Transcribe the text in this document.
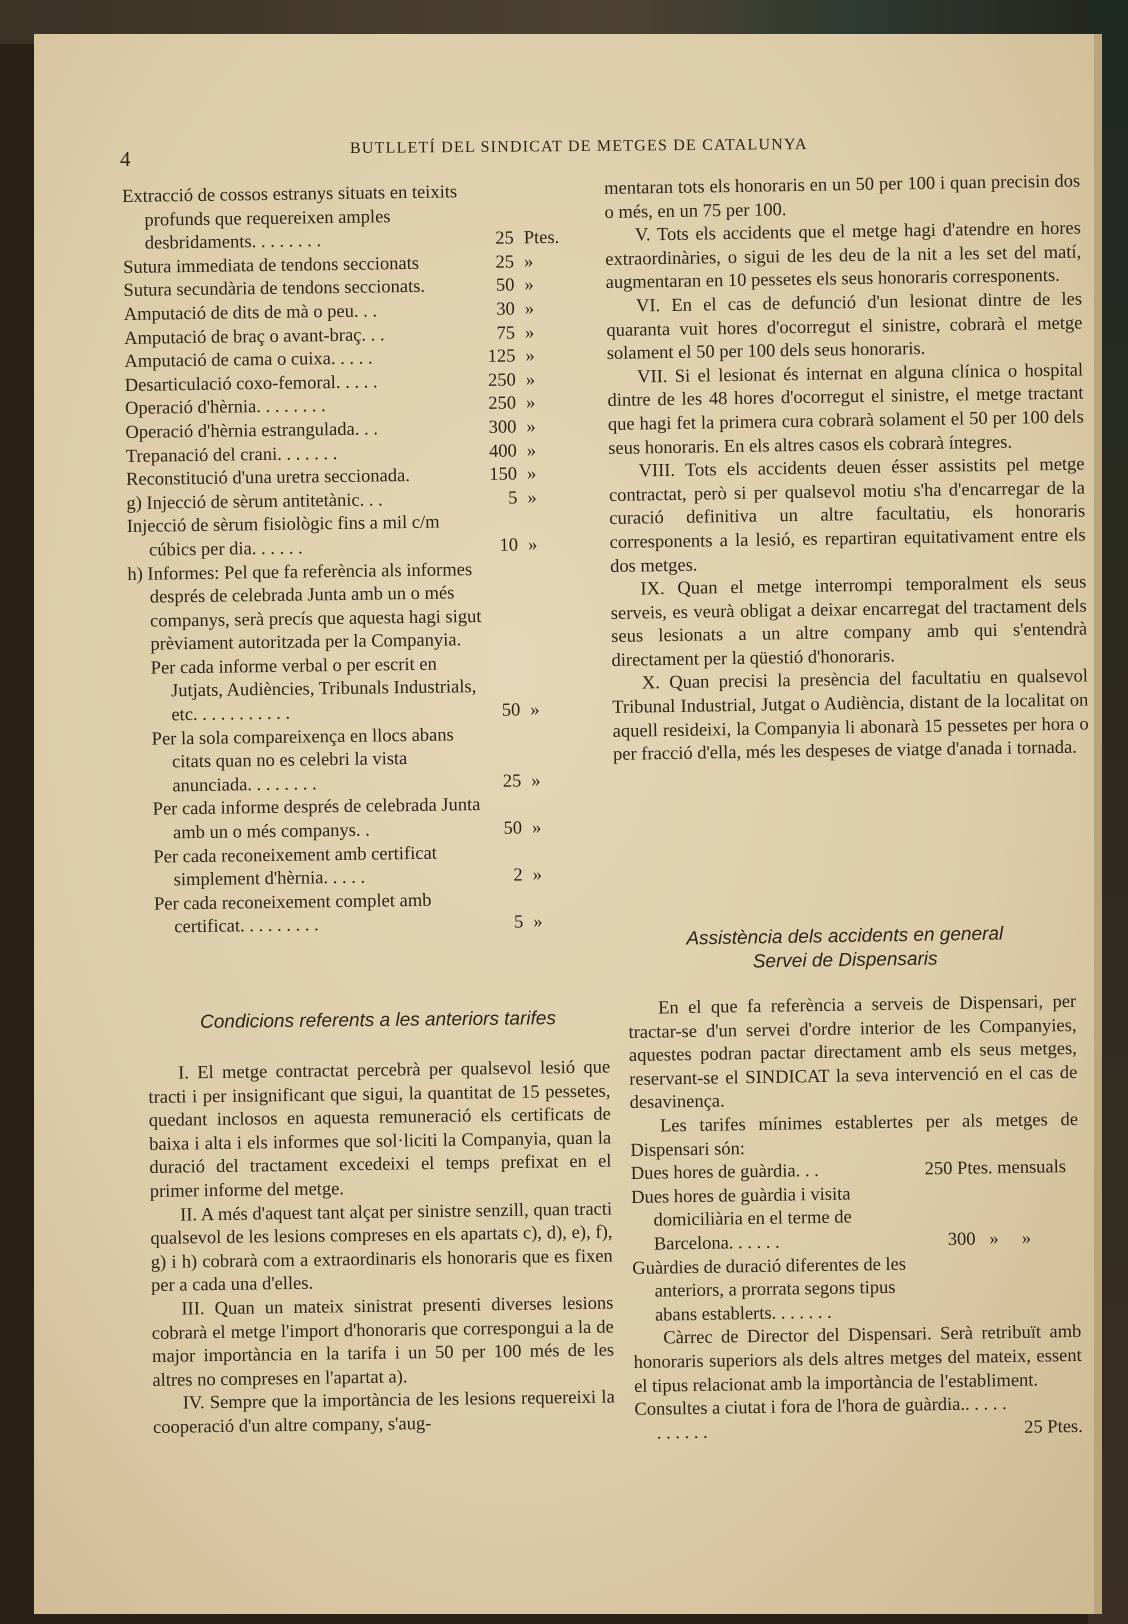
4
BUTLLETÍ DEL SINDICAT DE METGES DE CATALUNYA
Extracció de cossos estranys situats en teixits profunds que requereixen amples desbridaments. . . . . . . .	25 Ptes.
Sutura immediata de tendons seccionats	25 »
Sutura secundària de tendons seccionats.	50 »
Amputació de dits de mà o peu. . .	30 »
Amputació de braç o avant-braç. . .	75 »
Amputació de cama o cuixa. . . . .	125 »
Desarticulació coxo-femoral. . . . .	250 »
Operació d'hèrnia. . . . . . . .	250 »
Operació d'hèrnia estrangulada. . .	300 »
Trepanació del crani. . . . . . .	400 »
Reconstitució d'una uretra seccionada.	150 »
g) Injecció de sèrum antitetànic. . .	5 »
Injecció de sèrum fisiològic fins a mil c/m cúbics per dia. . . . . .	10 »
h) Informes: Pel que fa referència als informes després de celebrada Junta amb un o més companys, serà precís que aquesta hagi sigut prèviament autoritzada per la Companyia.
Per cada informe verbal o per escrit en Jutjats, Audiències, Tribunals Industrials, etc. . . . . . . . . . .	50 »
Per la sola compareixença en llocs abans citats quan no es celebri la vista anunciada. . . . . . . .	25 »
Per cada informe després de celebrada Junta amb un o més companys. .	50 »
Per cada reconeixement amb certificat simplement d'hèrnia. . . . .	2 »
Per cada reconeixement complet amb certificat. . . . . . . . .	5 »
Condicions referents a les anteriors tarifes

I. El metge contractat percebrà per qualsevol lesió que tracti i per insignificant que sigui, la quantitat de 15 pessetes, quedant inclosos en aquesta remuneració els certificats de baixa i alta i els informes que sol·liciti la Companyia, quan la duració del tractament excedeixi el temps prefixat en el primer informe del metge.

II. A més d'aquest tant alçat per sinistre senzill, quan tracti qualsevol de les lesions compreses en els apartats c), d), e), f), g) i h) cobrarà com a extraordinaris els honoraris que es fixen per a cada una d'elles.

III. Quan un mateix sinistrat presenti diverses lesions cobrarà el metge l'import d'honoraris que correspongui a la de major importància en la tarifa i un 50 per 100 més de les altres no compreses en l'apartat a).

IV. Sempre que la importància de les lesions requereixi la cooperació d'un altre company, s'aug-

mentaran tots els honoraris en un 50 per 100 i quan precisin dos o més, en un 75 per 100.

V. Tots els accidents que el metge hagi d'atendre en hores extraordinàries, o sigui de les deu de la nit a les set del matí, augmentaran en 10 pessetes els seus honoraris corresponents.

VI. En el cas de defunció d'un lesionat dintre de les quaranta vuit hores d'ocorregut el sinistre, cobrarà el metge solament el 50 per 100 dels seus honoraris.

VII. Si el lesionat és internat en alguna clínica o hospital dintre de les 48 hores d'ocorregut el sinistre, el metge tractant que hagi fet la primera cura cobrarà solament el 50 per 100 dels seus honoraris. En els altres casos els cobrarà íntegres.

VIII. Tots els accidents deuen ésser assistits pel metge contractat, però si per qualsevol motiu s'ha d'encarregar de la curació definitiva un altre facultatiu, els honoraris corresponents a la lesió, es repartiran equitativament entre els dos metges.

IX. Quan el metge interrompi temporalment els seus serveis, es veurà obligat a deixar encarregat del tractament dels seus lesionats a un altre company amb qui s'entendrà directament per la qüestió d'honoraris.

X. Quan precisi la presència del facultatiu en qualsevol Tribunal Industrial, Jutgat o Audiència, distant de la localitat on aquell resideixi, la Companyia li abonarà 15 pessetes per hora o per fracció d'ella, més les despeses de viatge d'anada i tornada.

Assistència dels accidents en general
Servei de Dispensaris

En el que fa referència a serveis de Dispensari, per tractar-se d'un servei d'ordre interior de les Companyies, aquestes podran pactar directament amb els seus metges, reservant-se el SINDICAT la seva intervenció en el cas de desavinença.

Les tarifes mínimes establertes per als metges de Dispensari són:

Dues hores de guàrdia. . .	250 Ptes. mensuals
Dues hores de guàrdia i visita domiciliària en el terme de Barcelona. . . . . .	300   »     »
Guàrdies de duració diferentes de les anteriors, a prorrata segons tipus abans establerts. . . . . . .

Càrrec de Director del Dispensari. Serà retribuït amb honoraris superiors als dels altres metges del mateix, essent el tipus relacionat amb la importància de l'establiment.

Consultes a ciutat i fora de l'hora de guàrdia.. . . . . . . . . . .	25 Ptes.
